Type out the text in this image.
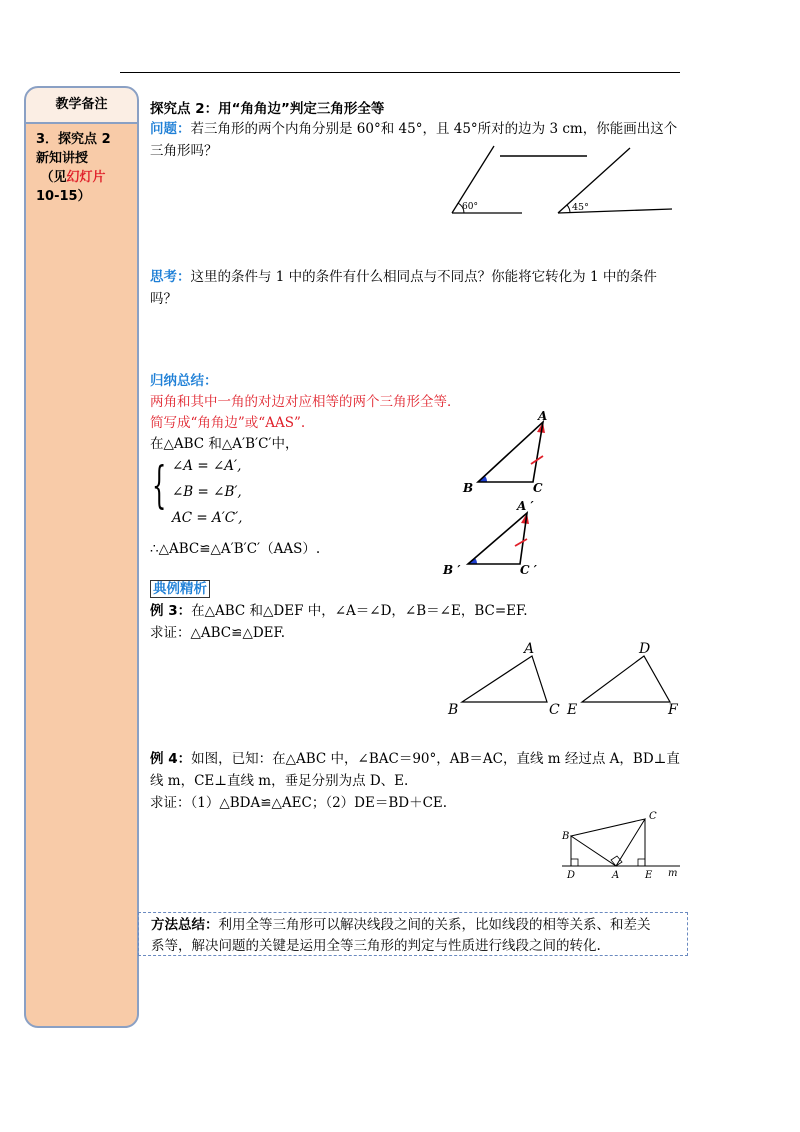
教学备注
3．探究点 2
新知讲授
（见幻灯片
10-15）
探究点 2：用“角角边”判定三角形全等
问题：若三角形的两个内角分别是 60°和 45°，且 45°所对的边为 3 cm，你能画出这个
三角形吗？
思考：这里的条件与 1 中的条件有什么相同点与不同点？你能将它转化为 1 中的条件
吗？
归纳总结：
两角和其中一角的对边对应相等的两个三角形全等．
简写成“角角边”或“AAS”.
在△ABC 和△A′B′C′中，
{ ∠A = ∠A′,
∠B = ∠B′,
AC = A′C′,
∴△ABC≌△A′B′C′（AAS）.
典例精析
例 3：在△ABC 和△DEF 中，∠A＝∠D，∠B＝∠E，BC=EF.
求证：△ABC≌△DEF.
例 4：如图，已知：在△ABC 中，∠BAC＝90°，AB＝AC，直线 m 经过点 A，BD⊥直
线 m，CE⊥直线 m，垂足分别为点 D、E.
求证：（1）△BDA≌△AEC；（2）DE＝BD＋CE.
60°	45°
A
B	C
A ′
B ′	C ′
A
B	C
D
E	F
B
C
D	A	E m
方法总结：利用全等三角形可以解决线段之间的关系，比如线段的相等关系、和差关
系等，解决问题的关键是运用全等三角形的判定与性质进行线段之间的转化.
